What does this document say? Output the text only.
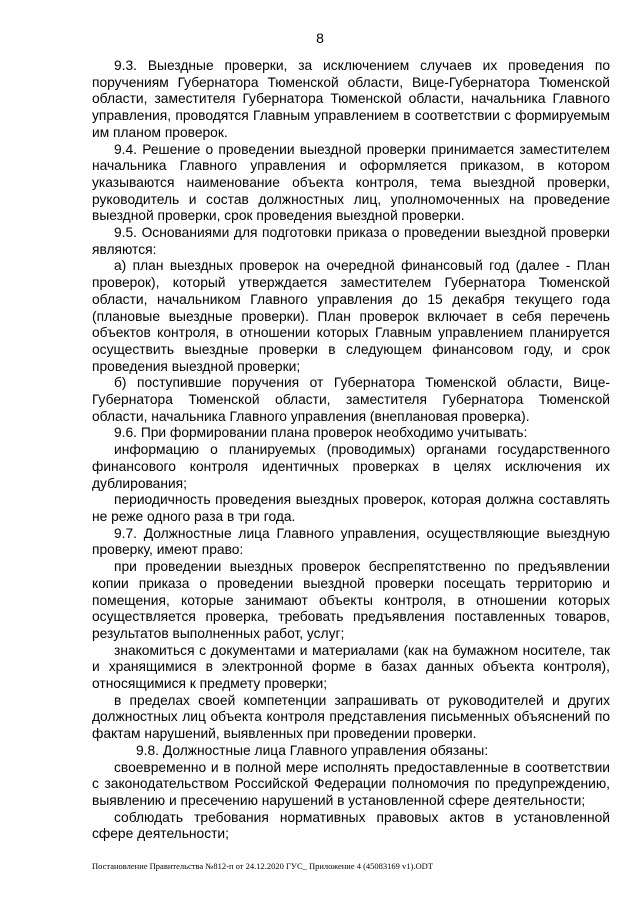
8

9.3. Выездные проверки, за исключением случаев их проведения по поручениям Губернатора Тюменской области, Вице-Губернатора Тюменской области, заместителя Губернатора Тюменской области, начальника Главного управления, проводятся Главным управлением в соответствии с формируемым им планом проверок.

9.4. Решение о проведении выездной проверки принимается заместителем начальника Главного управления и оформляется приказом, в котором указываются наименование объекта контроля, тема выездной проверки, руководитель и состав должностных лиц, уполномоченных на проведение выездной проверки, срок проведения выездной проверки.

9.5. Основаниями для подготовки приказа о проведении выездной проверки являются:

а) план выездных проверок на очередной финансовый год (далее - План проверок), который утверждается заместителем Губернатора Тюменской области, начальником Главного управления до 15 декабря текущего года (плановые выездные проверки). План проверок включает в себя перечень объектов контроля, в отношении которых Главным управлением планируется осуществить выездные проверки в следующем финансовом году, и срок проведения выездной проверки;

б) поступившие поручения от Губернатора Тюменской области, Вице-Губернатора Тюменской области, заместителя Губернатора Тюменской области, начальника Главного управления (внеплановая проверка).

9.6. При формировании плана проверок необходимо учитывать:

информацию о планируемых (проводимых) органами государственного финансового контроля идентичных проверках в целях исключения их дублирования;

периодичность проведения выездных проверок, которая должна составлять не реже одного раза в три года.

9.7. Должностные лица Главного управления, осуществляющие выездную проверку, имеют право:

при проведении выездных проверок беспрепятственно по предъявлении копии приказа о проведении выездной проверки посещать территорию и помещения, которые занимают объекты контроля, в отношении которых осуществляется проверка, требовать предъявления поставленных товаров, результатов выполненных работ, услуг;

знакомиться с документами и материалами (как на бумажном носителе, так и хранящимися в электронной форме в базах данных объекта контроля), относящимися к предмету проверки;

в пределах своей компетенции запрашивать от руководителей и других должностных лиц объекта контроля представления письменных объяснений по фактам нарушений, выявленных при проведении проверки.

9.8. Должностные лица Главного управления обязаны:

своевременно и в полной мере исполнять предоставленные в соответствии с законодательством Российской Федерации полномочия по предупреждению, выявлению и пресечению нарушений в установленной сфере деятельности;

соблюдать требования нормативных правовых актов в установленной сфере деятельности;

Постановление Правительства №812-п от 24.12.2020 ГУС_ Приложение 4 (45083169 v1).ODT
